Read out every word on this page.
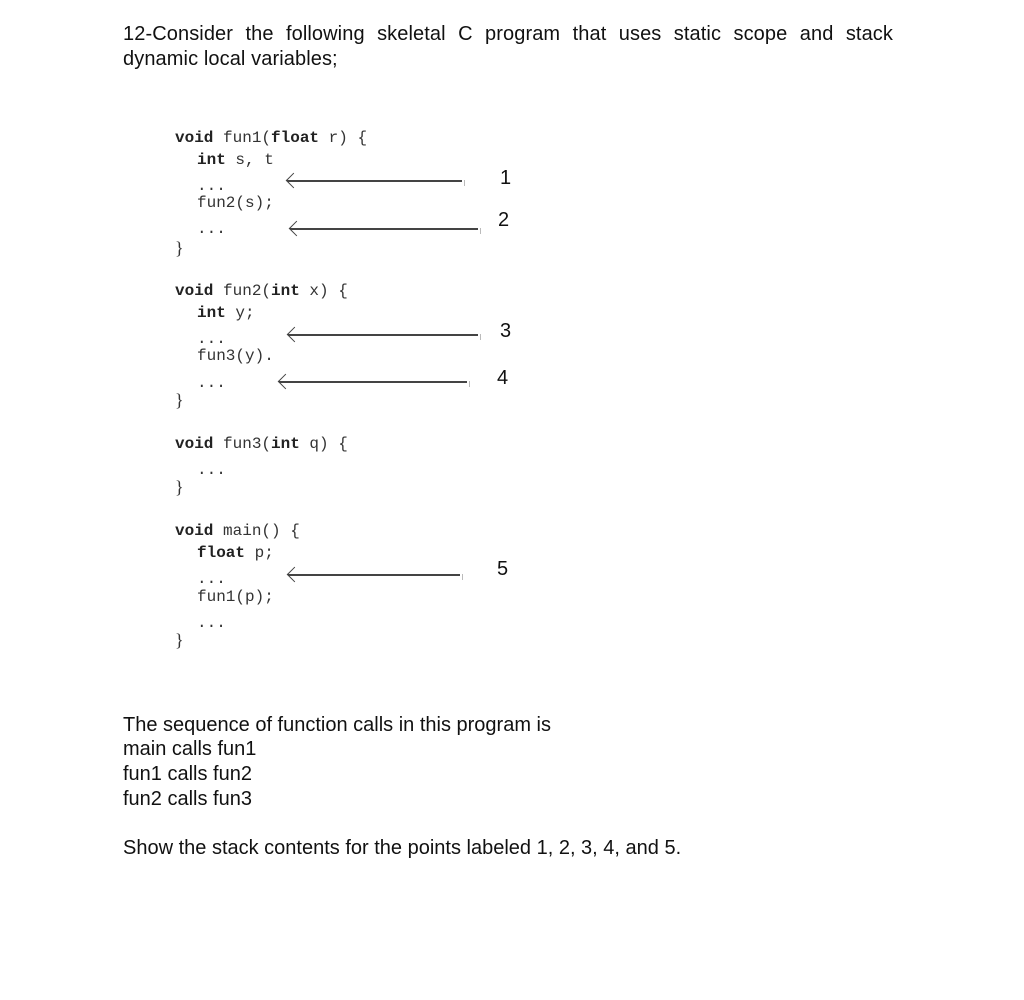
12-Consider the following skeletal C program that uses static scope and stack
dynamic local variables;
void fun1(float r) {
int s, t
...
fun2(s);
...
}
void fun2(int x) {
int y;
...
fun3(y).
...
}
void fun3(int q) {
...
}
void main() {
float p;
...
fun1(p);
...
}
1
2
3
4
5
The sequence of function calls in this program is
main calls fun1
fun1 calls fun2
fun2 calls fun3
Show the stack contents for the points labeled 1, 2, 3, 4, and 5.
